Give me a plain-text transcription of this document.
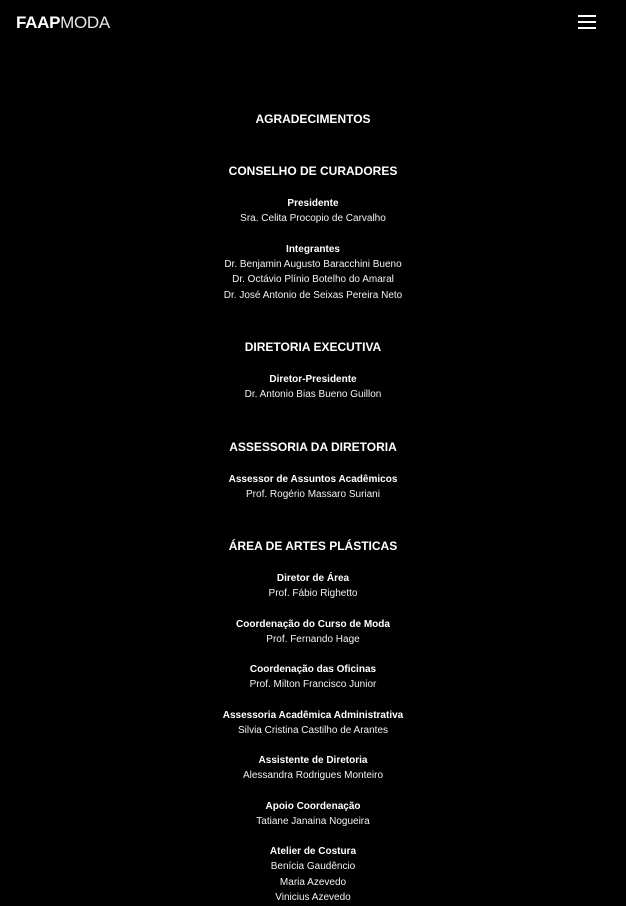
FAAPMODA
AGRADECIMENTOS
CONSELHO DE CURADORES
Presidente
Sra. Celita Procopio de Carvalho
Integrantes
Dr. Benjamin Augusto Baracchini Bueno
Dr. Octávio Plínio Botelho do Amaral
Dr. José Antonio de Seixas Pereira Neto
DIRETORIA EXECUTIVA
Diretor-Presidente
Dr. Antonio Bias Bueno Guillon
ASSESSORIA DA DIRETORIA
Assessor de Assuntos Acadêmicos
Prof. Rogério Massaro Suriani
ÁREA DE ARTES PLÁSTICAS
Diretor de Área
Prof. Fábio Righetto
Coordenação do Curso de Moda
Prof. Fernando Hage
Coordenação das Oficinas
Prof. Milton Francisco Junior
Assessoria Acadêmica Administrativa
Silvia Cristina Castilho de Arantes
Assistente de Diretoria
Alessandra Rodrigues Monteiro
Apoio Coordenação
Tatiane Janaina Nogueira
Atelier de Costura
Benícia Gaudêncio
Maria Azevedo
Vinicius Azevedo
